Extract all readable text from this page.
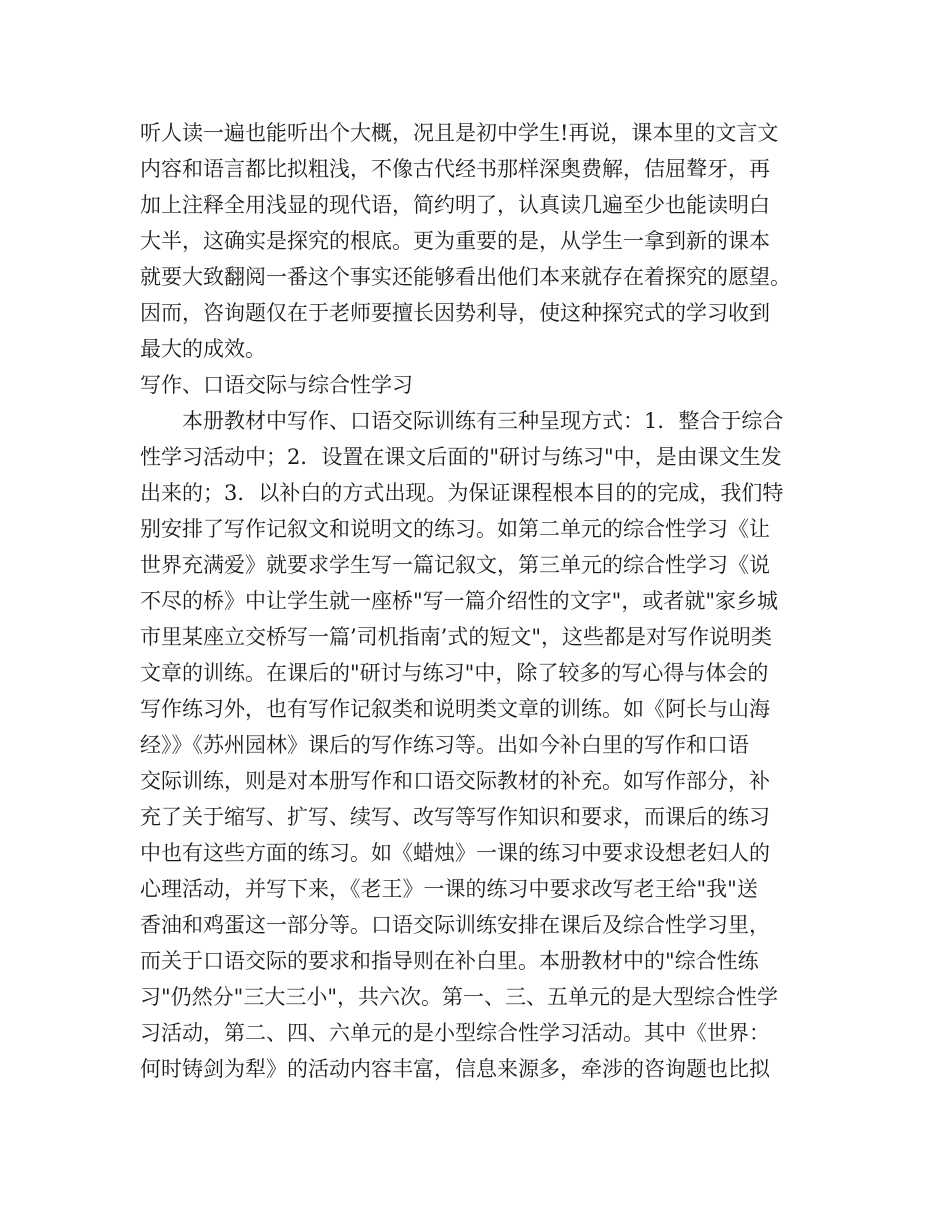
听人读一遍也能听出个大概，况且是初中学生!再说，课本里的文言文
内容和语言都比拟粗浅，不像古代经书那样深奥费解，佶屈聱牙，再
加上注释全用浅显的现代语，简约明了，认真读几遍至少也能读明白
大半，这确实是探究的根底。更为重要的是，从学生一拿到新的课本
就要大致翻阅一番这个事实还能够看出他们本来就存在着探究的愿望。
因而，咨询题仅在于老师要擅长因势利导，使这种探究式的学习收到
最大的成效。
写作、口语交际与综合性学习
　　本册教材中写作、口语交际训练有三种呈现方式：1．整合于综合
性学习活动中；2．设置在课文后面的"研讨与练习"中，是由课文生发
出来的；3．以补白的方式出现。为保证课程根本目的的完成，我们特
别安排了写作记叙文和说明文的练习。如第二单元的综合性学习《让
世界充满爱》就要求学生写一篇记叙文，第三单元的综合性学习《说
不尽的桥》中让学生就一座桥"写一篇介绍性的文字"，或者就"家乡城
市里某座立交桥写一篇’司机指南’式的短文"，这些都是对写作说明类
文章的训练。在课后的"研讨与练习"中，除了较多的写心得与体会的
写作练习外，也有写作记叙类和说明类文章的训练。如《阿长与山海
经》》《苏州园林》课后的写作练习等。出如今补白里的写作和口语
交际训练，则是对本册写作和口语交际教材的补充。如写作部分，补
充了关于缩写、扩写、续写、改写等写作知识和要求，而课后的练习
中也有这些方面的练习。如《蜡烛》一课的练习中要求设想老妇人的
心理活动，并写下来，《老王》一课的练习中要求改写老王给"我"送
香油和鸡蛋这一部分等。口语交际训练安排在课后及综合性学习里，
而关于口语交际的要求和指导则在补白里。本册教材中的"综合性练
习"仍然分"三大三小"，共六次。第一、三、五单元的是大型综合性学
习活动，第二、四、六单元的是小型综合性学习活动。其中《世界：
何时铸剑为犁》的活动内容丰富，信息来源多，牵涉的咨询题也比拟
